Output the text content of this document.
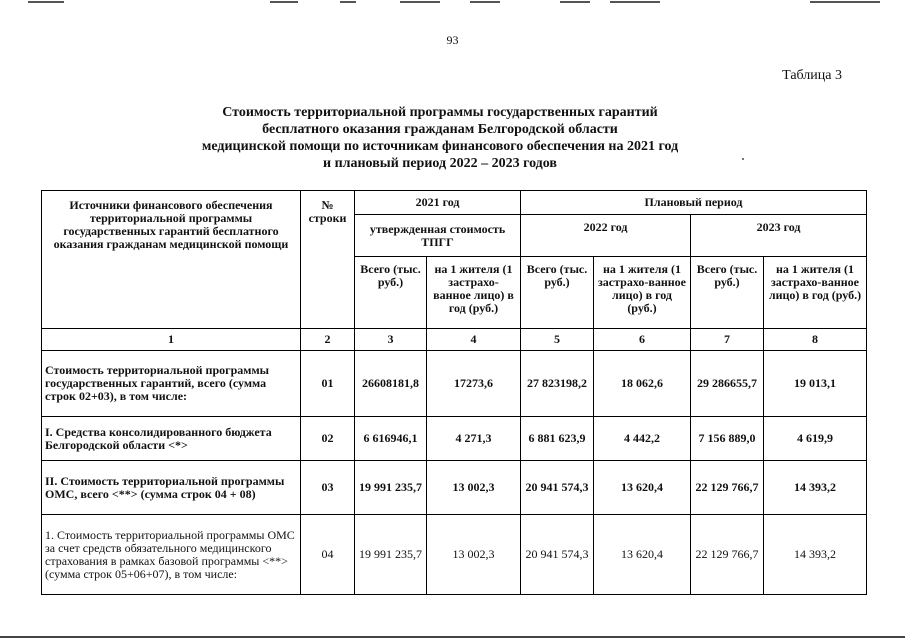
93
Таблица 3
Стоимость территориальной программы государственных гарантий
бесплатного оказания гражданам Белгородской области
медицинской помощи по источникам финансового обеспечения на 2021 год
и плановый период 2022 – 2023 годов
Источники финансового обеспечения территориальной программы государственных гарантий бесплатного оказания гражданам медицинской помощи	№ строки	2021 год		Плановый период			
		утвержденная стоимость ТПГГ		2022 год		2023 год	
		Всего (тыс. руб.)	на 1 жителя (1 застрахо-ванное лицо) в год (руб.)	Всего (тыс. руб.)	на 1 жителя (1 застрахо-ванное лицо) в год (руб.)	Всего (тыс. руб.)	на 1 жителя (1 застрахо-ванное лицо) в год (руб.)
1	2	3	4	5	6	7	8
Стоимость территориальной программы государственных гарантий, всего (сумма строк 02+03), в том числе:	01	26608181,8	17273,6	27 823198,2	18 062,6	29 286655,7	19 013,1
I. Средства консолидированного бюджета Белгородской области <*>	02	6 616946,1	4 271,3	6 881 623,9	4 442,2	7 156 889,0	4 619,9
II. Стоимость территориальной программы ОМС, всего <**> (сумма строк 04 + 08)	03	19 991 235,7	13 002,3	20 941 574,3	13 620,4	22 129 766,7	14 393,2
1. Стоимость территориальной программы ОМС за счет средств обязательного медицинского страхования в рамках базовой программы <**> (сумма строк 05+06+07), в том числе:	04	19 991 235,7	13 002,3	20 941 574,3	13 620,4	22 129 766,7	14 393,2
